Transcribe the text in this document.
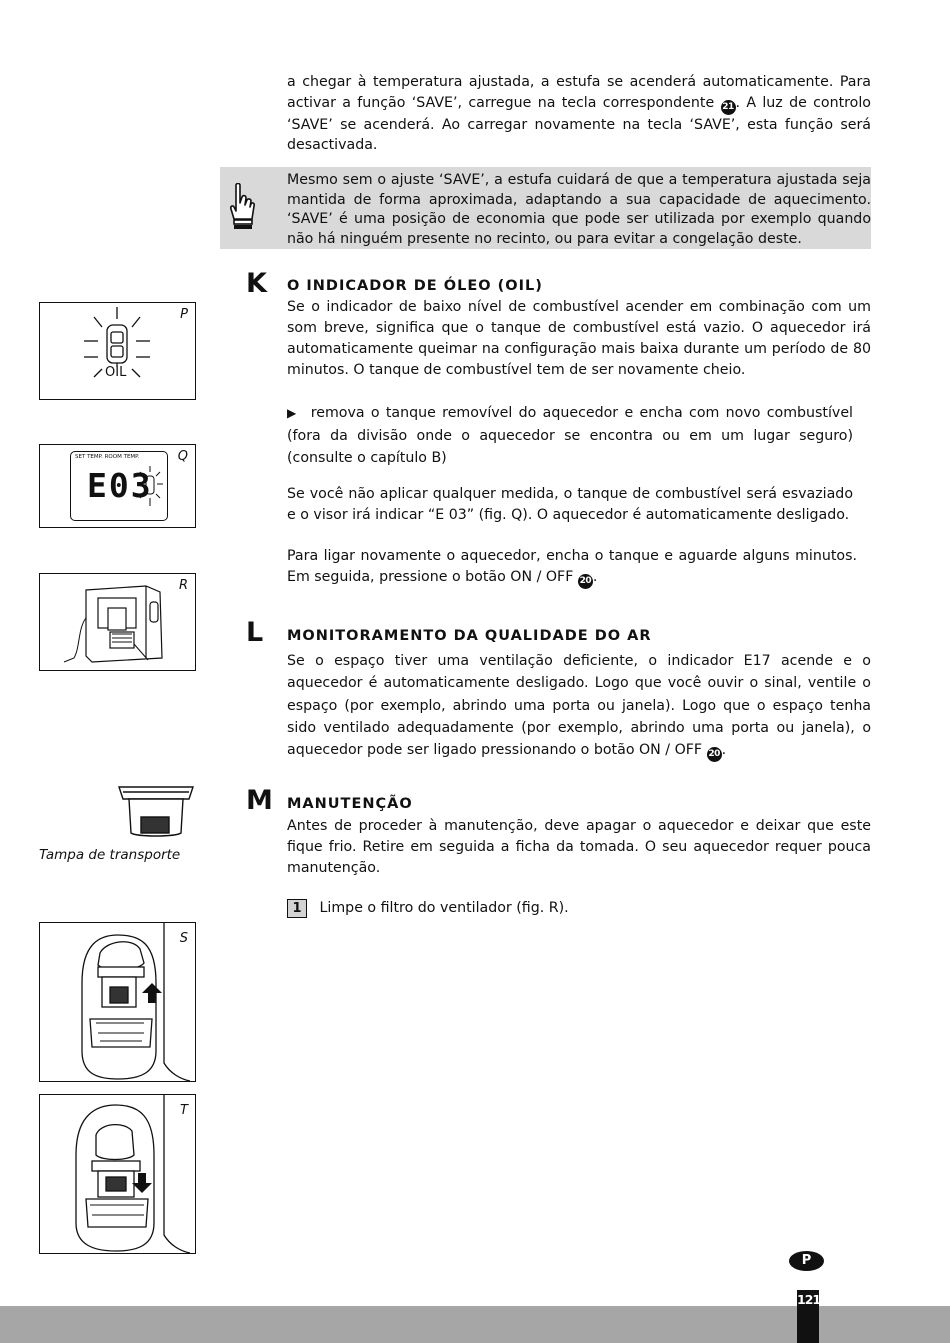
a chegar à temperatura ajustada, a estufa se acenderá automaticamente. Para activar a função ‘SAVE’, carregue na tecla correspondente 21 . A luz de controlo ‘SAVE’ se acenderá. Ao carregar novamente na tecla ‘SAVE’, esta função será desactivada.

Mesmo sem o ajuste ‘SAVE’, a estufa cuidará de que a temperatura ajustada seja mantida de forma aproximada, adaptando a sua capacidade de aquecimento. ‘SAVE’ é uma posição de economia que pode ser utilizada por exemplo quando não há ninguém presente no recinto, ou para evitar a congelação deste.

K O INDICADOR DE ÓLEO (OIL)

Se o indicador de baixo nível de combustível acender em combinação com um som breve, significa que o tanque de combustível está vazio. O aquecedor irá automaticamente queimar na configuração mais baixa durante um período de 80 minutos. O tanque de combustível tem de ser novamente cheio.

▶ remova o tanque removível do aquecedor e encha com novo combustível (fora da divisão onde o aquecedor se encontra ou em um lugar seguro) (consulte o capítulo B)

Se você não aplicar qualquer medida, o tanque de combustível será esvaziado e o visor irá indicar “E 03” (fig. Q). O aquecedor é automaticamente desligado.

Para ligar novamente o aquecedor, encha o tanque e aguarde alguns minutos. Em seguida, pressione o botão ON / OFF 20 .

L MONITORAMENTO DA QUALIDADE DO AR

Se o espaço tiver uma ventilação deficiente, o indicador E17 acende e o aquecedor é automaticamente desligado. Logo que você ouvir o sinal, ventile o espaço (por exemplo, abrindo uma porta ou janela). Logo que o espaço tenha sido ventilado adequadamente (por exemplo, abrindo uma porta ou janela), o aquecedor pode ser ligado pressionando o botão ON / OFF 20 .

M MANUTENÇÃO

Antes de proceder à manutenção, deve apagar o aquecedor e deixar que este fique frio. Retire em seguida a ficha da tomada. O seu aquecedor requer pouca manutenção.

1 Limpe o filtro do ventilador (fig. R).
P
OIL
Q
SET TEMP. ROOM TEMP.
E03
R
Tampa de transporte
S
T
P
121
